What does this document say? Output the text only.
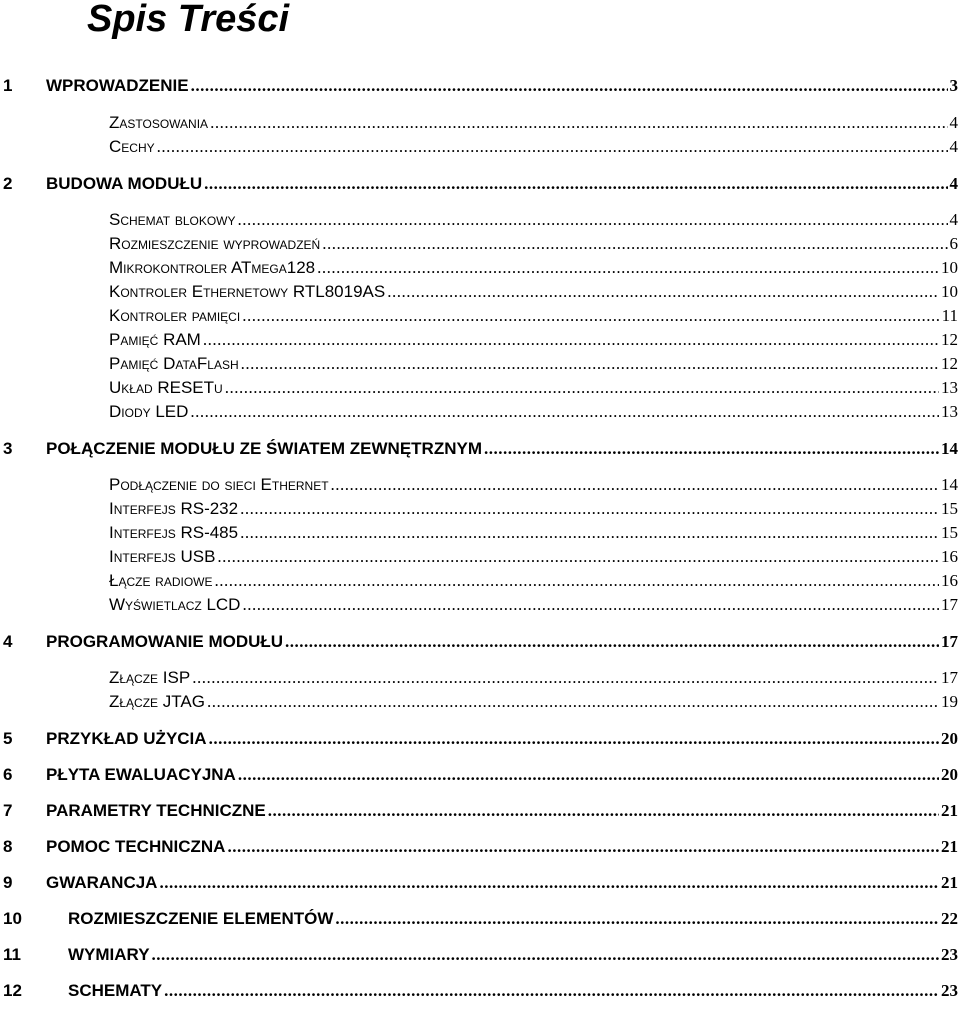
Spis Treści
1	WPROWADZENIE .....	3
Zastosowania .....	4
Cechy .....	4
2	BUDOWA MODUŁU .....	4
Schemat blokowy .....	4
Rozmieszczenie wyprowadzeń .....	6
Mikrokontroler ATmega128 .....	10
Kontroler Ethernetowy RTL8019AS .....	10
Kontroler pamięci .....	11
Pamięć RAM .....	12
Pamięć DataFlash .....	12
Układ RESETu .....	13
Diody LED .....	13
3	POŁĄCZENIE MODUŁU ZE ŚWIATEM ZEWNĘTRZNYM .....	14
Podłączenie do sieci Ethernet .....	14
Interfejs RS-232 .....	15
Interfejs RS-485 .....	15
Interfejs USB .....	16
Łącze radiowe .....	16
Wyświetlacz LCD .....	17
4	PROGRAMOWANIE MODUŁU .....	17
Złącze ISP .....	17
Złącze JTAG .....	19
5	PRZYKŁAD UŻYCIA .....	20
6	PŁYTA EWALUACYJNA .....	20
7	PARAMETRY TECHNICZNE .....	21
8	POMOC TECHNICZNA .....	21
9	GWARANCJA .....	21
10	ROZMIESZCZENIE ELEMENTÓW .....	22
11	WYMIARY .....	23
12	SCHEMATY .....	23
